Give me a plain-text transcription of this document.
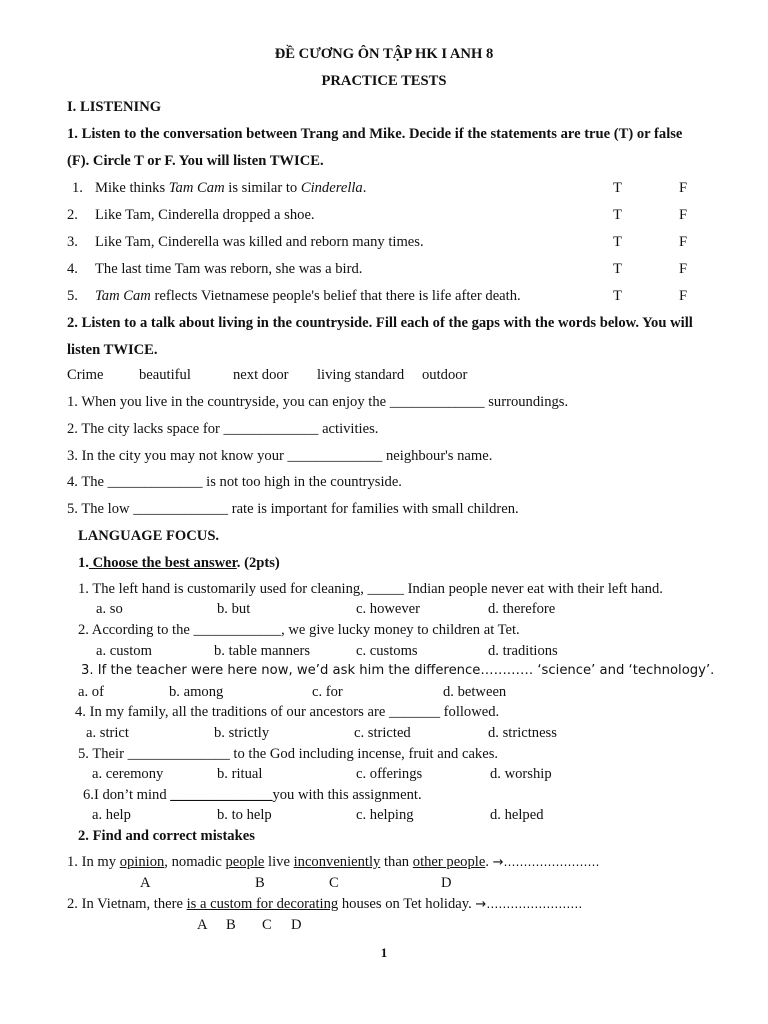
ĐỀ CƯƠNG ÔN TẬP HK I ANH 8
PRACTICE TESTS
I. LISTENING
1. Listen to the conversation between Trang and Mike. Decide if the statements are true (T) or false
(F). Circle T or F. You will listen TWICE.
1. Mike thinks Tam Cam is similar to Cinderella.	T	F
2. Like Tam, Cinderella dropped a shoe.	T	F
3. Like Tam, Cinderella was killed and reborn many times.	T	F
4. The last time Tam was reborn, she was a bird.	T	F
5. Tam Cam reflects Vietnamese people's belief that there is life after death.	T	F
2. Listen to a talk about living in the countryside. Fill each of the gaps with the words below. You will
listen TWICE.
Crime beautiful	next door living standard outdoor
1. When you live in the countryside, you can enjoy the _____________ surroundings.
2. The city lacks space for _____________ activities.
3. In the city you may not know your _____________ neighbour's name.
4. The _____________ is not too high in the countryside.
5. The low _____________ rate is important for families with small children.
LANGUAGE FOCUS.
1. Choose the best answer. (2pts)
1. The left hand is customarily used for cleaning, _____ Indian people never eat with their left hand.
a. so	b. but	c. however	d. therefore
2. According to the ____________, we give lucky money to children at Tet.
a. custom	b. table manners	c. customs	d. traditions
3. If the teacher were here now, we’d ask him the difference………… ‘science’ and ‘technology’.
a. of	b. among	c. for	d. between
4. In my family, all the traditions of our ancestors are _______ followed.
a. strict	b. strictly	c. stricted	d. strictness
5. Their ______________ to the God including incense, fruit and cakes.
a. ceremony	b. ritual	c. offerings	d. worship
6.I don’t mind ______________you with this assignment.
a. help	b. to help	c. helping	d. helped
2. Find and correct mistakes
1. In my opinion, nomadic people live inconveniently than other people. →……………………
A	B	C	D
2. In Vietnam, there is a custom for decorating houses on Tet holiday. →……………………
A B C D
1
